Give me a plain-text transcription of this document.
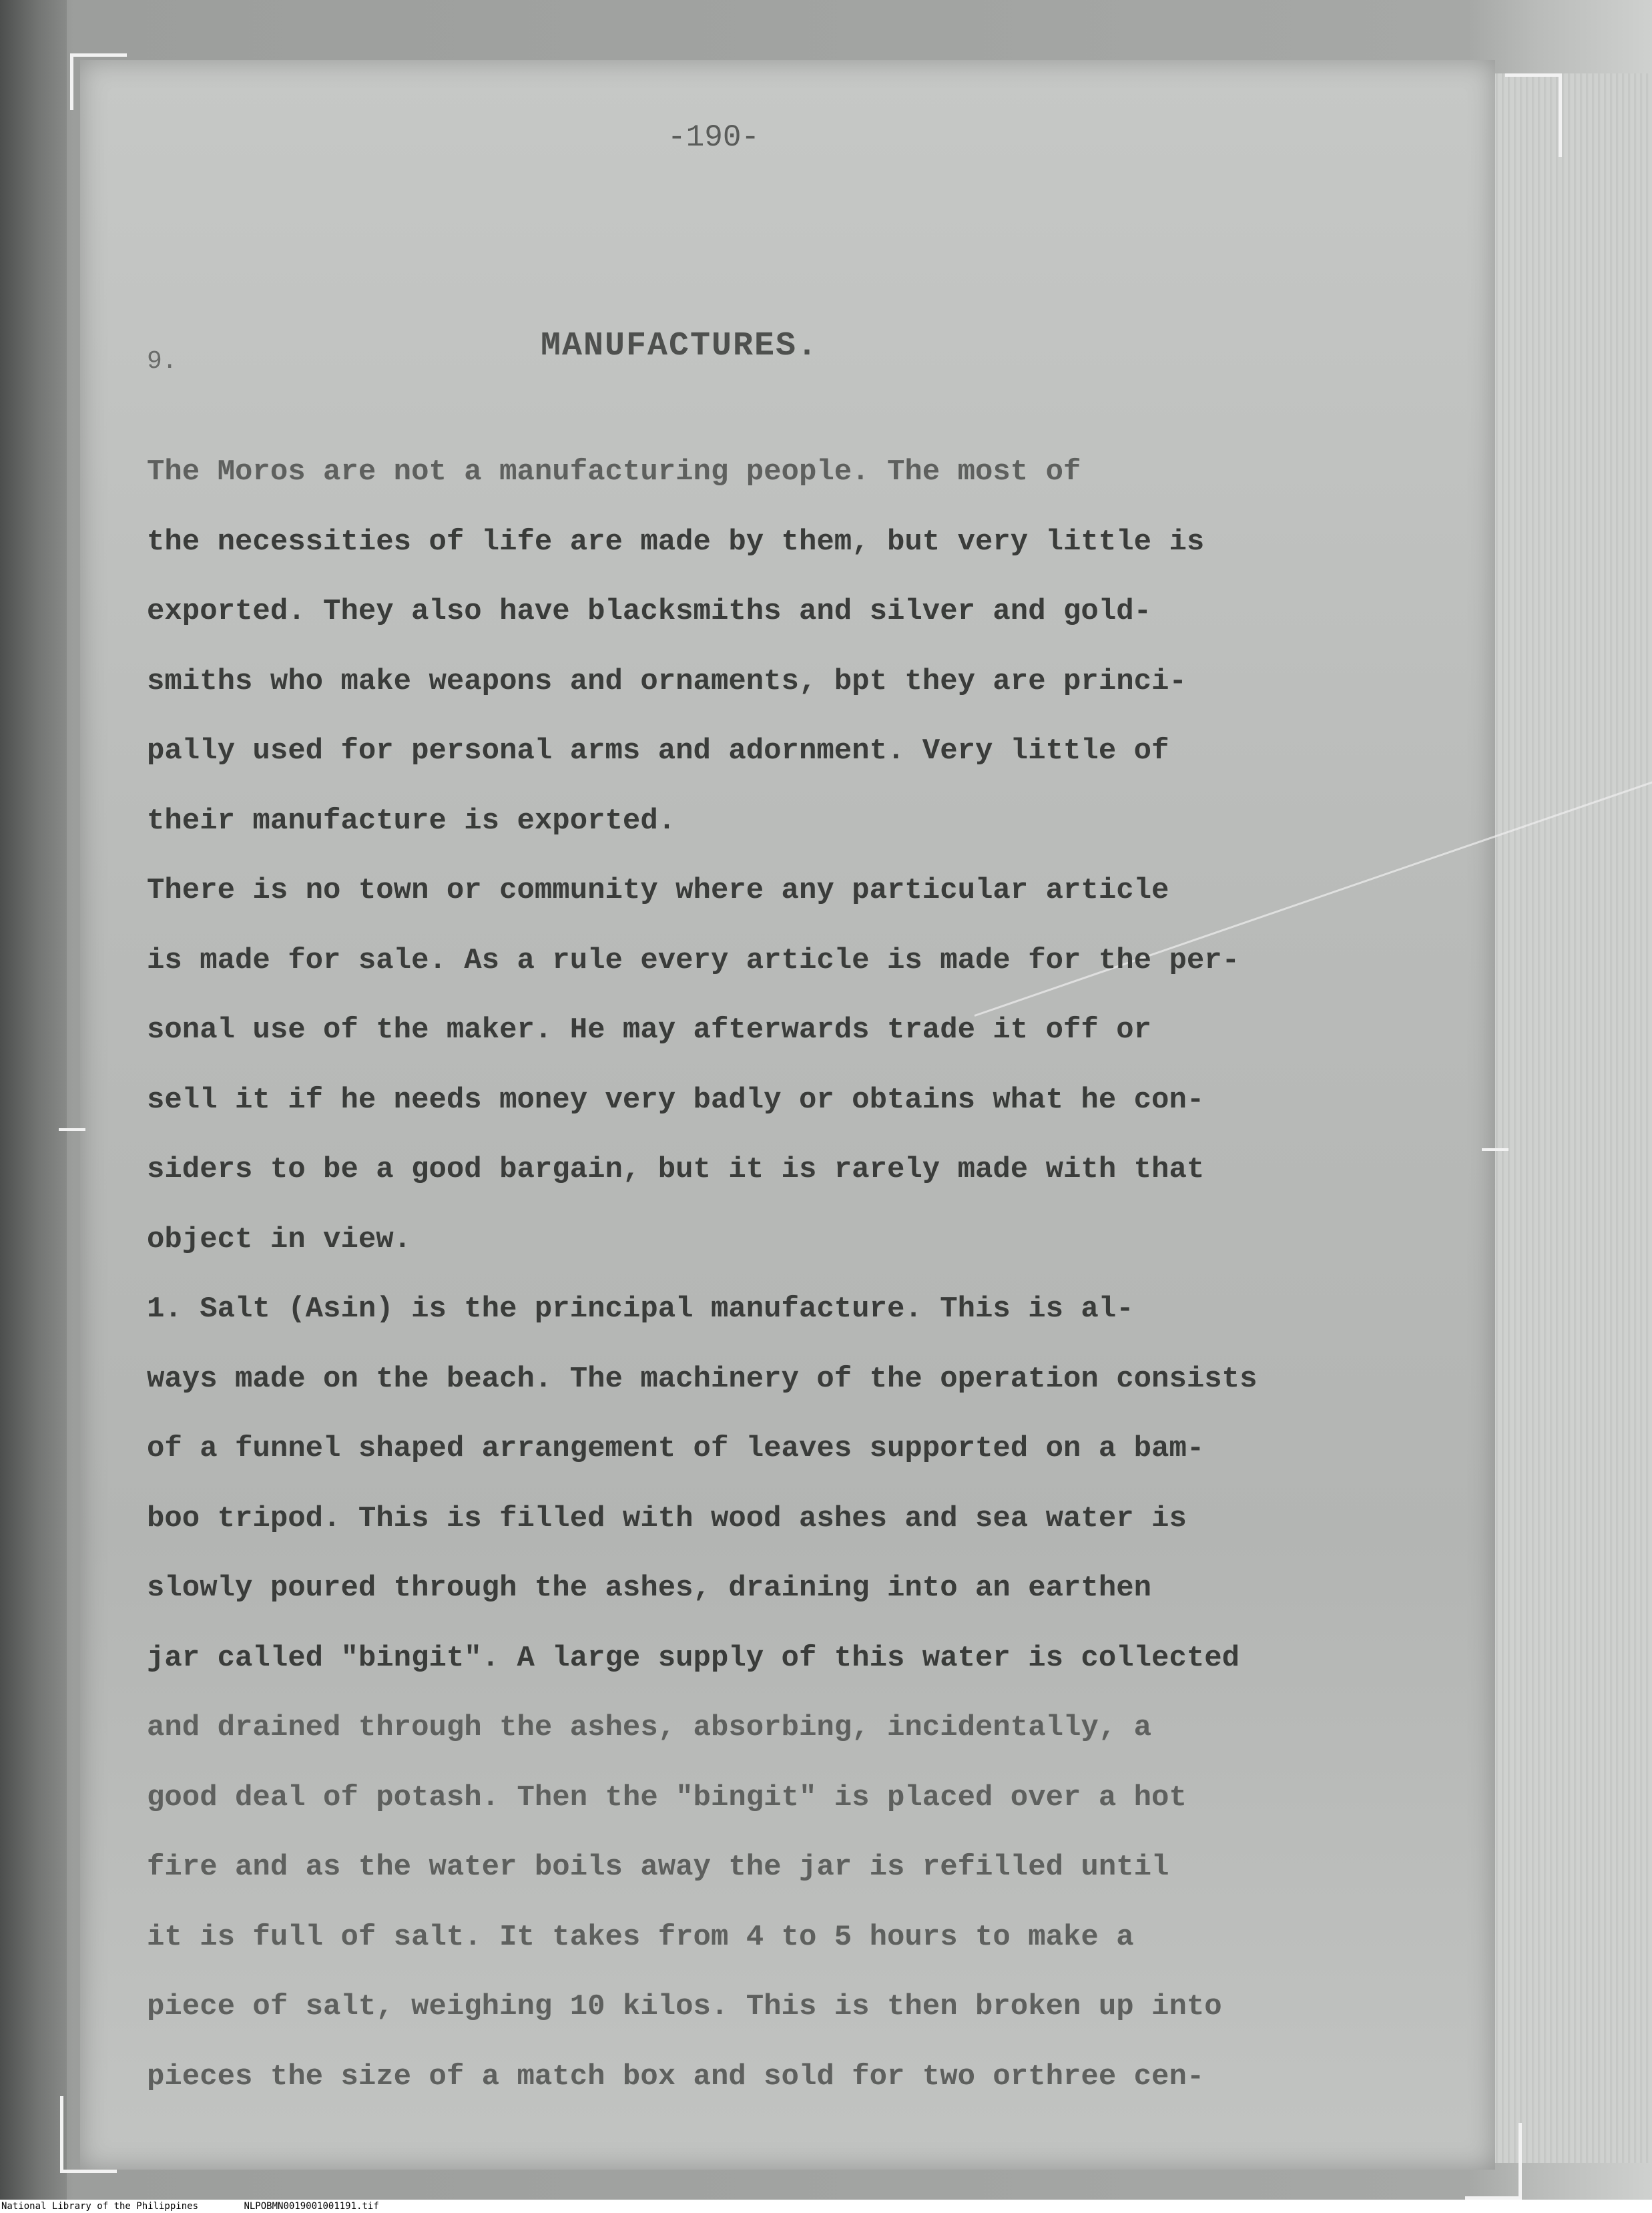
-190-
9.	MANUFACTURES.
The Moros are not a manufacturing people. The most of
the necessities of life are made by them, but very little is
exported. They also have blacksmiths and silver and gold-
smiths who make weapons and ornaments, bpt they are princi-
pally used for personal arms and adornment. Very little of
their manufacture is exported.
There is no town or community where any particular article
is made for sale. As a rule every article is made for the per-
sonal use of the maker. He may afterwards trade it off or
sell it if he needs money very badly or obtains what he con-
siders to be a good bargain, but it is rarely made with that
object in view.
1. Salt (Asin) is the principal manufacture. This is al-
ways made on the beach. The machinery of the operation consists
of a funnel shaped arrangement of leaves supported on a bam-
boo tripod. This is filled with wood ashes and sea water is
slowly poured through the ashes, draining into an earthen
jar called "bingit". A large supply of this water is collected
and drained through the ashes, absorbing, incidentally, a
good deal of potash. Then the "bingit" is placed over a hot
fire and as the water boils away the jar is refilled until
it is full of salt. It takes from 4 to 5 hours to make a
piece of salt, weighing 10 kilos. This is then broken up into
pieces the size of a match box and sold for two orthree cen-
National Library of the Philippines	NLPOBMN0019001001191.tif
